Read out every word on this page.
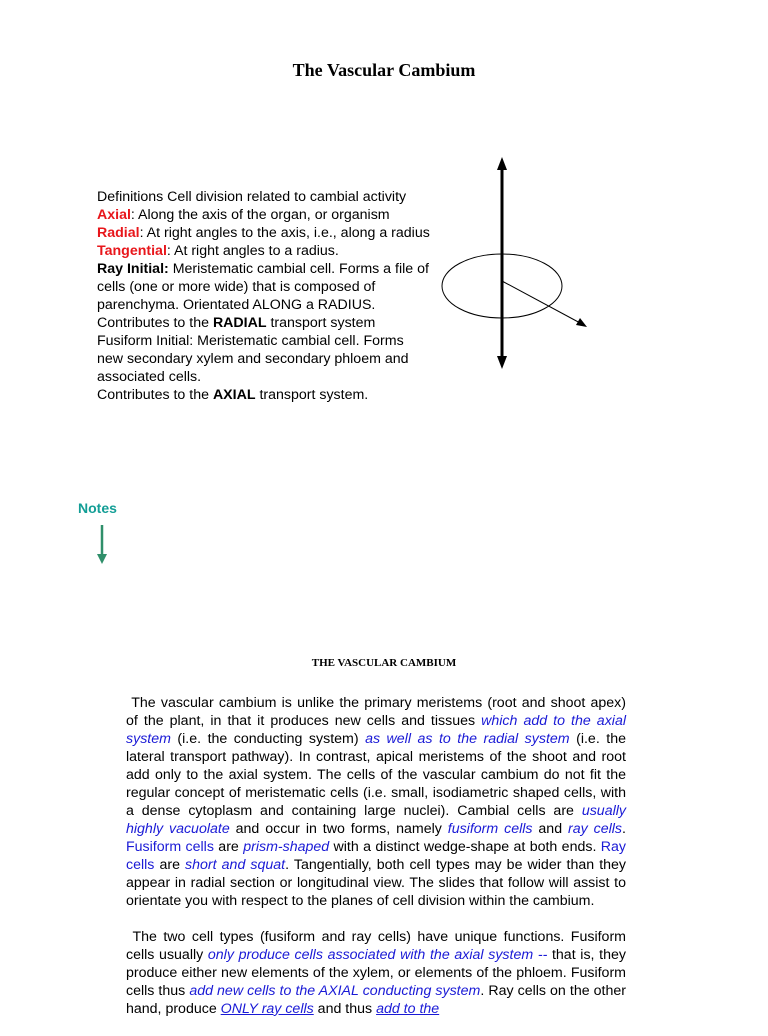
The Vascular Cambium

Definitions Cell division related to cambial activity

Axial: Along the axis of the organ, or organism

Radial: At right angles to the axis, i.e., along a radius

Tangential: At right angles to a radius.

Ray Initial: Meristematic cambial cell. Forms a file of cells (one or more wide) that is composed of parenchyma. Orientated ALONG a RADIUS.

Contributes to the RADIAL transport system

Fusiform Initial: Meristematic cambial cell. Forms new secondary xylem and secondary phloem and associated cells.

Contributes to the AXIAL transport system.

Notes
THE VASCULAR CAMBIUM

The vascular cambium is unlike the primary meristems (root and shoot apex) of the plant, in that it produces new cells and tissues which add to the axial system (i.e. the conducting system) as well as to the radial system (i.e. the lateral transport pathway). In contrast, apical meristems of the shoot and root add only to the axial system. The cells of the vascular cambium do not fit the regular concept of meristematic cells (i.e. small, isodiametric shaped cells, with a dense cytoplasm and containing large nuclei). Cambial cells are usually highly vacuolate and occur in two forms, namely fusiform cells and ray cells. Fusiform cells are prism-shaped with a distinct wedge-shape at both ends. Ray cells are short and squat. Tangentially, both cell types may be wider than they appear in radial section or longitudinal view. The slides that follow will assist to orientate you with respect to the planes of cell division within the cambium.

The two cell types (fusiform and ray cells) have unique functions. Fusiform cells usually only produce cells associated with the axial system -- that is, they produce either new elements of the xylem, or elements of the phloem. Fusiform cells thus add new cells to the AXIAL conducting system. Ray cells on the other hand, produce ONLY ray cells and thus add to the
